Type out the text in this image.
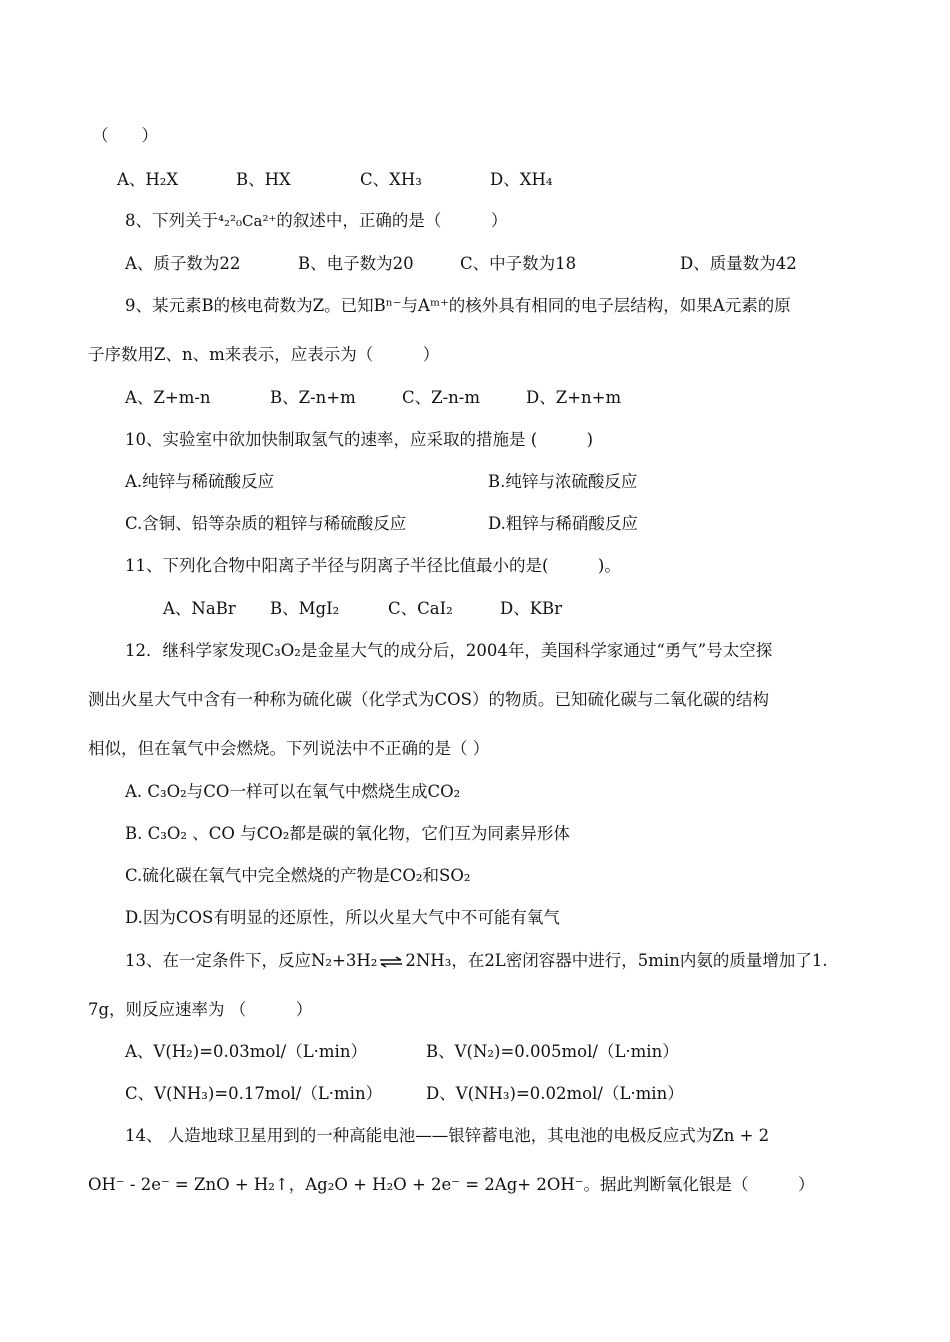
（　　）
A、H₂X	B、HX	C、XH₃	D、XH₄
8、下列关于⁴₂²₀Ca²⁺的叙述中，正确的是（　　　）
A、质子数为22	B、电子数为20	C、中子数为18	D、质量数为42
9、某元素B的核电荷数为Z。已知Bⁿ⁻与Aᵐ⁺的核外具有相同的电子层结构，如果A元素的原
子序数用Z、n、m来表示，应表示为（　　　）
A、Z+m-n	B、Z-n+m	C、Z-n-m	D、Z+n+m
10、实验室中欲加快制取氢气的速率，应采取的措施是 (　　　)
A.纯锌与稀硫酸反应	B.纯锌与浓硫酸反应
C.含铜、铅等杂质的粗锌与稀硫酸反应	D.粗锌与稀硝酸反应
11、下列化合物中阳离子半径与阴离子半径比值最小的是(　　　)。
A、NaBr B、MgI₂	C、CaI₂	D、KBr
12．继科学家发现C₃O₂是金星大气的成分后，2004年，美国科学家通过“勇气”号太空探
测出火星大气中含有一种称为硫化碳（化学式为COS）的物质。已知硫化碳与二氧化碳的结构
相似，但在氧气中会燃烧。下列说法中不正确的是（ ）
A. C₃O₂与CO一样可以在氧气中燃烧生成CO₂
B. C₃O₂ 、CO 与CO₂都是碳的氧化物，它们互为同素异形体
C.硫化碳在氧气中完全燃烧的产物是CO₂和SO₂
D.因为COS有明显的还原性，所以火星大气中不可能有氧气
13、在一定条件下，反应N₂+3H₂ ⇌ 2NH₃，在2L密闭容器中进行，5min内氨的质量增加了1.
7g，则反应速率为 （　　　）
A、V(H₂)=0.03mol/（L·min）	B、V(N₂)=0.005mol/（L·min）
C、V(NH₃)=0.17mol/（L·min）	D、V(NH₃)=0.02mol/（L·min）
14、 人造地球卫星用到的一种高能电池——银锌蓄电池，其电池的电极反应式为Zn + 2
OH⁻ - 2e⁻ = ZnO + H₂↑，Ag₂O + H₂O + 2e⁻ = 2Ag+ 2OH⁻。据此判断氧化银是（　　　）
